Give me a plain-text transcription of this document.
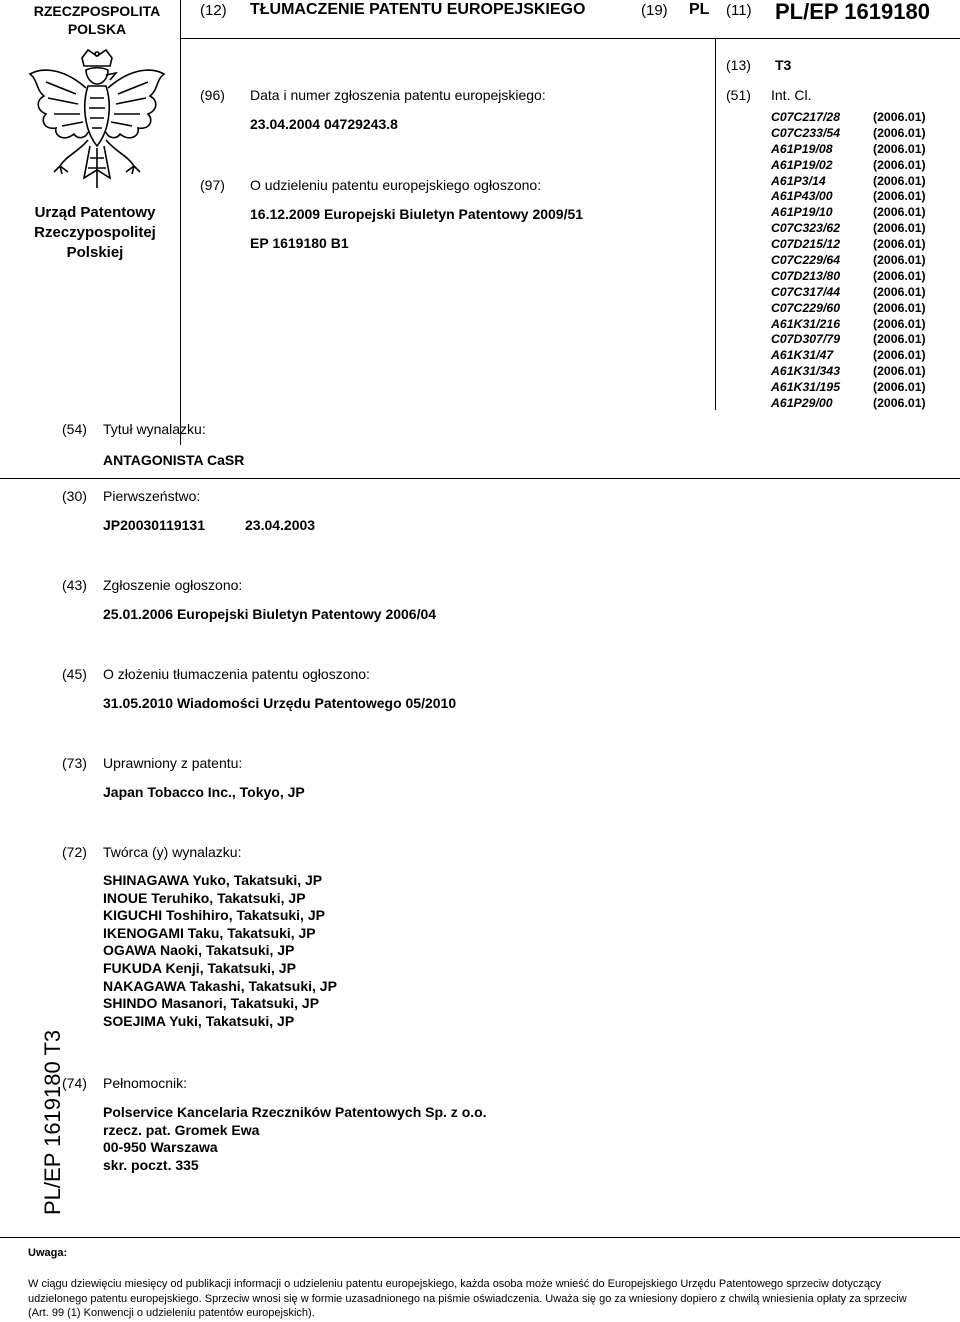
RZECZPOSPOLITA
POLSKA
(12) TŁUMACZENIE PATENTU EUROPEJSKIEGO	(19) PL (11) PL/EP 1619180
(13) T3
(51) Int. Cl.
Urząd Patentowy
Rzeczypospolitej
Polskiej
(96) Data i numer zgłoszenia patentu europejskiego:
23.04.2004 04729243.8
(97) O udzieleniu patentu europejskiego ogłoszono:
16.12.2009 Europejski Biuletyn Patentowy 2009/51
EP 1619180 B1
C07C217/28
C07C233/54
A61P19/08
A61P19/02
A61P3/14
A61P43/00
A61P19/10
C07C323/62
C07D215/12
C07C229/64
C07D213/80
C07C317/44
C07C229/60
A61K31/216
C07D307/79
A61K31/47
A61K31/343
A61K31/195
A61P29/00
(2006.01)
(2006.01)
(2006.01)
(2006.01)
(2006.01)
(2006.01)
(2006.01)
(2006.01)
(2006.01)
(2006.01)
(2006.01)
(2006.01)
(2006.01)
(2006.01)
(2006.01)
(2006.01)
(2006.01)
(2006.01)
(2006.01)
(54) Tytuł wynalazku:
ANTAGONISTA CaSR
(30) Pierwszeństwo:
JP20030119131	23.04.2003
(43) Zgłoszenie ogłoszono:
25.01.2006 Europejski Biuletyn Patentowy 2006/04
(45) O złożeniu tłumaczenia patentu ogłoszono:
31.05.2010 Wiadomości Urzędu Patentowego 05/2010
(73) Uprawniony z patentu:
Japan Tobacco Inc., Tokyo, JP
(72) Twórca (y) wynalazku:
SHINAGAWA Yuko, Takatsuki, JP
INOUE Teruhiko, Takatsuki, JP
KIGUCHI Toshihiro, Takatsuki, JP
IKENOGAMI Taku, Takatsuki, JP
OGAWA Naoki, Takatsuki, JP
FUKUDA Kenji, Takatsuki, JP
NAKAGAWA Takashi, Takatsuki, JP
SHINDO Masanori, Takatsuki, JP
SOEJIMA Yuki, Takatsuki, JP
(74) Pełnomocnik:
Polservice Kancelaria Rzeczników Patentowych Sp. z o.o.
rzecz. pat. Gromek Ewa
00-950 Warszawa
skr. poczt. 335
PL/EP 1619180 T3
Uwaga:
W ciągu dziewięciu miesięcy od publikacji informacji o udzieleniu patentu europejskiego, każda osoba może wnieść do Europejskiego Urzędu Patentowego sprzeciw dotyczący udzielonego patentu europejskiego. Sprzeciw wnosi się w formie uzasadnionego na piśmie oświadczenia. Uważa się go za wniesiony dopiero z chwilą wniesienia opłaty za sprzeciw (Art. 99 (1) Konwencji o udzieleniu patentów europejskich).
